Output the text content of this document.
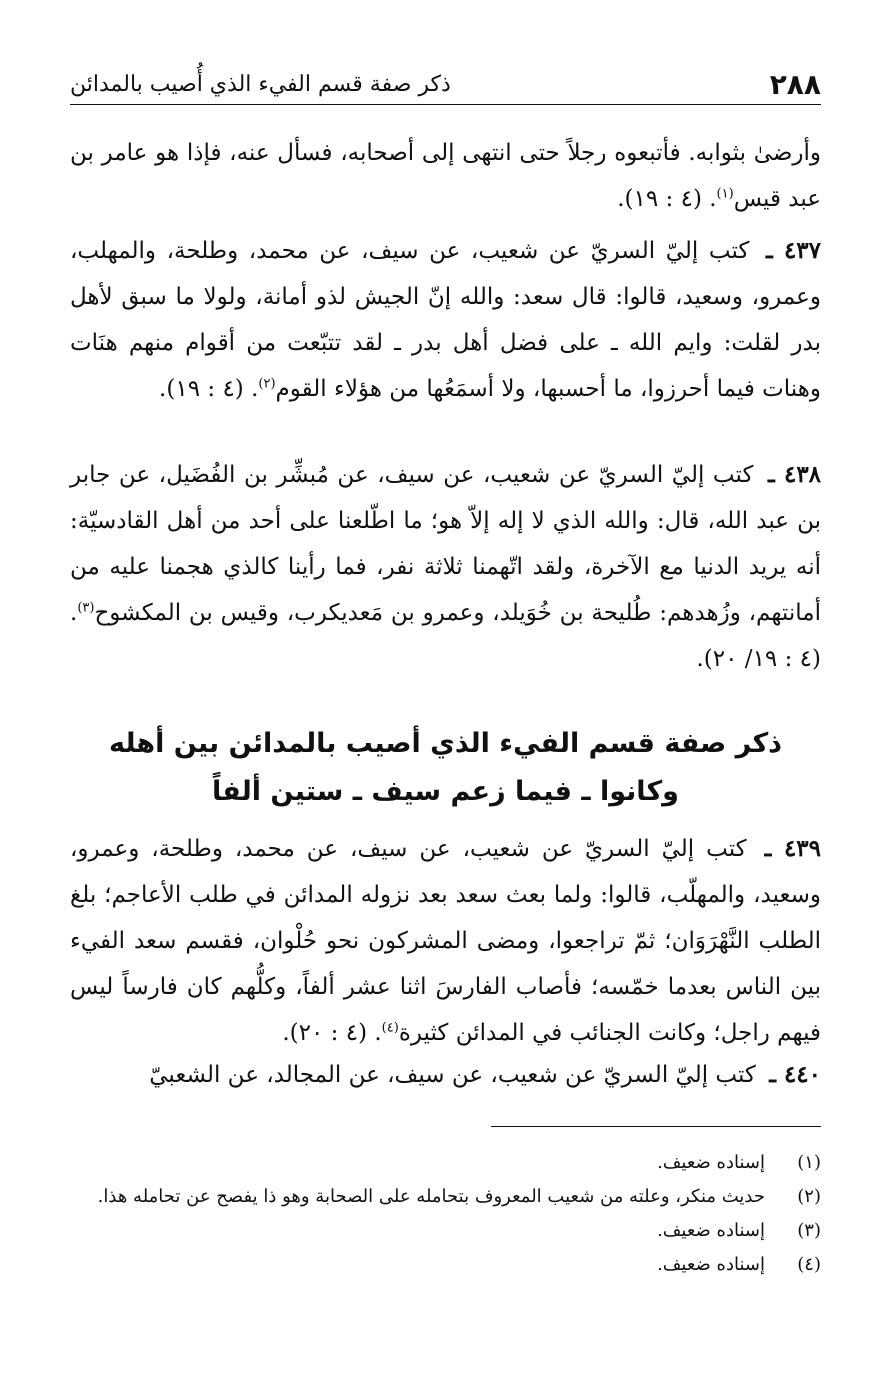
٢٨٨
ذكر صفة قسم الفيء الذي أُصيب بالمدائن

وأرضىٰ بثوابه. فأتبعوه رجلاً حتى انتهى إلى أصحابه، فسأل عنه، فإذا هو عامر بن عبد قيس$^{(١)}$. (٤ : ١٩).

٤٣٧ ـ كتب إليّ السريّ عن شعيب، عن سيف، عن محمد، وطلحة، والمهلب، وعمرو، وسعيد، قالوا: قال سعد: والله إنّ الجيش لذو أمانة، ولولا ما سبق لأهل بدر لقلت: وايم الله ـ على فضل أهل بدر ـ لقد تتبّعت من أقوام منهم هنَات وهنات فيما أحرزوا، ما أحسبها، ولا أسمَعُها من هؤلاء القوم$^{(٢)}$. (٤ : ١٩).

٤٣٨ ـ كتب إليّ السريّ عن شعيب، عن سيف، عن مُبشِّر بن الفُضَيل، عن جابر بن عبد الله، قال: والله الذي لا إله إلاّ هو؛ ما اطّلعنا على أحد من أهل القادسيّة: أنه يريد الدنيا مع الآخرة، ولقد اتّهمنا ثلاثة نفر، فما رأينا كالذي هجمنا عليه من أمانتهم، وزُهدهم: طُليحة بن خُوَيلد، وعمرو بن مَعديكرب، وقيس بن المكشوح$^{(٣)}$. (٤ : ١٩/ ٢٠).

ذكر صفة قسم الفيء الذي أصيب بالمدائن بين أهله وكانوا ـ فيما زعم سيف ـ ستين ألفاً

٤٣٩ ـ كتب إليّ السريّ عن شعيب، عن سيف، عن محمد، وطلحة، وعمرو، وسعيد، والمهلّب، قالوا: ولما بعث سعد بعد نزوله المدائن في طلب الأعاجم؛ بلغ الطلب النَّهْرَوَان؛ ثمّ تراجعوا، ومضى المشركون نحو حُلْوان، فقسم سعد الفيء بين الناس بعدما خمّسه؛ فأصاب الفارسَ اثنا عشر ألفاً، وكلُّهم كان فارساً ليس فيهم راجل؛ وكانت الجنائب في المدائن كثيرة$^{(٤)}$. (٤ : ٢٠).

٤٤٠ ـ كتب إليّ السريّ عن شعيب، عن سيف، عن المجالد، عن الشعبيّ

(١)
إسناده ضعيف.
(٢)
حديث منكر، وعلته من شعيب المعروف بتحامله على الصحابة وهو ذا يفصح عن تحامله هذا.
(٣)
إسناده ضعيف.
(٤)
إسناده ضعيف.
